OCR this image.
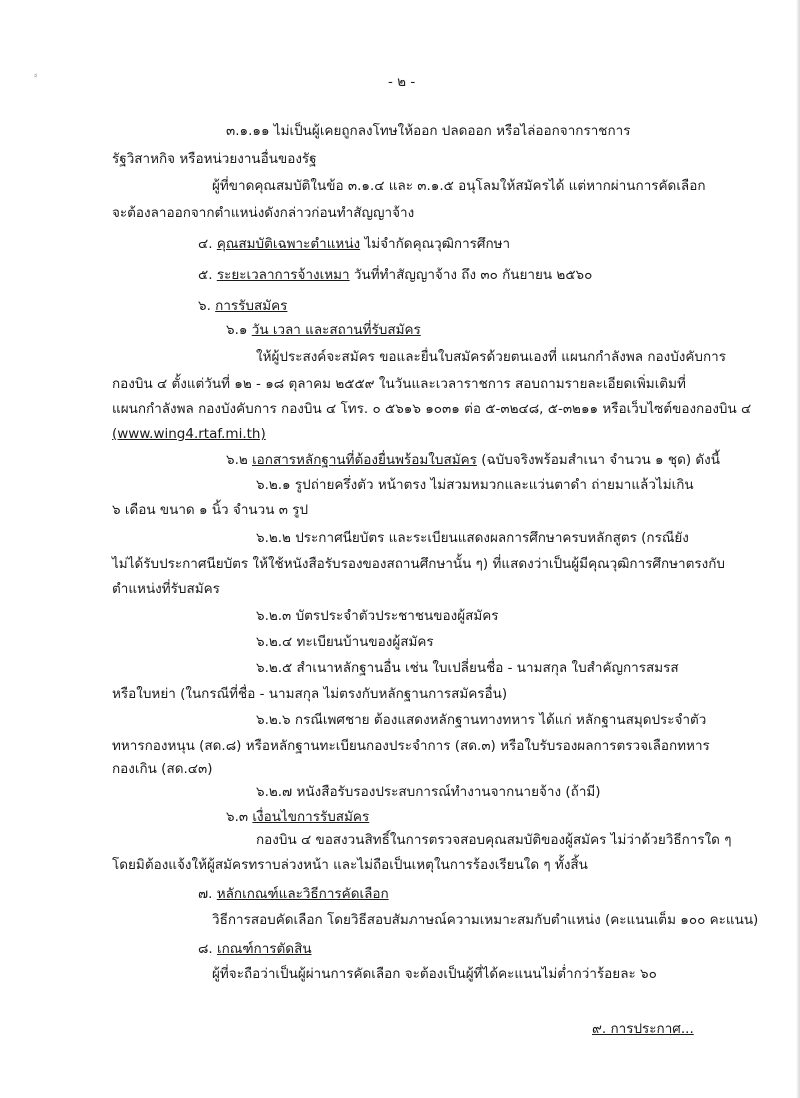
⸗	- ๒ -
๓.๑.๑๑ ไม่เป็นผู้เคยถูกลงโทษให้ออก ปลดออก หรือไล่ออกจากราชการ
รัฐวิสาหกิจ หรือหน่วยงานอื่นของรัฐ
ผู้ที่ขาดคุณสมบัติในข้อ ๓.๑.๔ และ ๓.๑.๕ อนุโลมให้สมัครได้ แต่หากผ่านการคัดเลือก
จะต้องลาออกจากตำแหน่งดังกล่าวก่อนทำสัญญาจ้าง
๔. คุณสมบัติเฉพาะตำแหน่ง ไม่จำกัดคุณวุฒิการศึกษา
๕. ระยะเวลาการจ้างเหมา วันที่ทำสัญญาจ้าง ถึง ๓๐ กันยายน ๒๕๖๐
๖. การรับสมัคร
๖.๑ วัน เวลา และสถานที่รับสมัคร
ให้ผู้ประสงค์จะสมัคร ขอและยื่นใบสมัครด้วยตนเองที่ แผนกกำลังพล กองบังคับการ
กองบิน ๔ ตั้งแต่วันที่ ๑๒ - ๑๘ ตุลาคม ๒๕๕๙ ในวันและเวลาราชการ สอบถามรายละเอียดเพิ่มเติมที่
แผนกกำลังพล กองบังคับการ กองบิน ๔ โทร. ๐ ๕๖๑๖ ๑๐๓๑ ต่อ ๕-๓๒๔๘, ๕-๓๒๑๑ หรือเว็บไซต์ของกองบิน ๔
(www.wing4.rtaf.mi.th)
๖.๒ เอกสารหลักฐานที่ต้องยื่นพร้อมใบสมัคร (ฉบับจริงพร้อมสำเนา จำนวน ๑ ชุด) ดังนี้
๖.๒.๑ รูปถ่ายครึ่งตัว หน้าตรง ไม่สวมหมวกและแว่นตาดำ ถ่ายมาแล้วไม่เกิน
๖ เดือน ขนาด ๑ นิ้ว จำนวน ๓ รูป
๖.๒.๒ ประกาศนียบัตร และระเบียนแสดงผลการศึกษาครบหลักสูตร (กรณียัง
ไม่ได้รับประกาศนียบัตร ให้ใช้หนังสือรับรองของสถานศึกษานั้น ๆ) ที่แสดงว่าเป็นผู้มีคุณวุฒิการศึกษาตรงกับ
ตำแหน่งที่รับสมัคร
๖.๒.๓ บัตรประจำตัวประชาชนของผู้สมัคร
๖.๒.๔ ทะเบียนบ้านของผู้สมัคร
๖.๒.๕ สำเนาหลักฐานอื่น เช่น ใบเปลี่ยนชื่อ - นามสกุล ใบสำคัญการสมรส
หรือใบหย่า (ในกรณีที่ชื่อ - นามสกุล ไม่ตรงกับหลักฐานการสมัครอื่น)
๖.๒.๖ กรณีเพศชาย ต้องแสดงหลักฐานทางทหาร ได้แก่ หลักฐานสมุดประจำตัว
ทหารกองหนุน (สด.๘) หรือหลักฐานทะเบียนกองประจำการ (สด.๓) หรือใบรับรองผลการตรวจเลือกทหาร
กองเกิน (สด.๔๓)
๖.๒.๗ หนังสือรับรองประสบการณ์ทำงานจากนายจ้าง (ถ้ามี)
๖.๓ เงื่อนไขการรับสมัคร
กองบิน ๔ ขอสงวนสิทธิ์ในการตรวจสอบคุณสมบัติของผู้สมัคร ไม่ว่าด้วยวิธีการใด ๆ
โดยมิต้องแจ้งให้ผู้สมัครทราบล่วงหน้า และไม่ถือเป็นเหตุในการร้องเรียนใด ๆ ทั้งสิ้น
๗. หลักเกณฑ์และวิธีการคัดเลือก
วิธีการสอบคัดเลือก โดยวิธีสอบสัมภาษณ์ความเหมาะสมกับตำแหน่ง (คะแนนเต็ม ๑๐๐ คะแนน)
๘. เกณฑ์การตัดสิน
ผู้ที่จะถือว่าเป็นผู้ผ่านการคัดเลือก จะต้องเป็นผู้ที่ได้คะแนนไม่ต่ำกว่าร้อยละ ๖๐
๙. การประกาศ...
